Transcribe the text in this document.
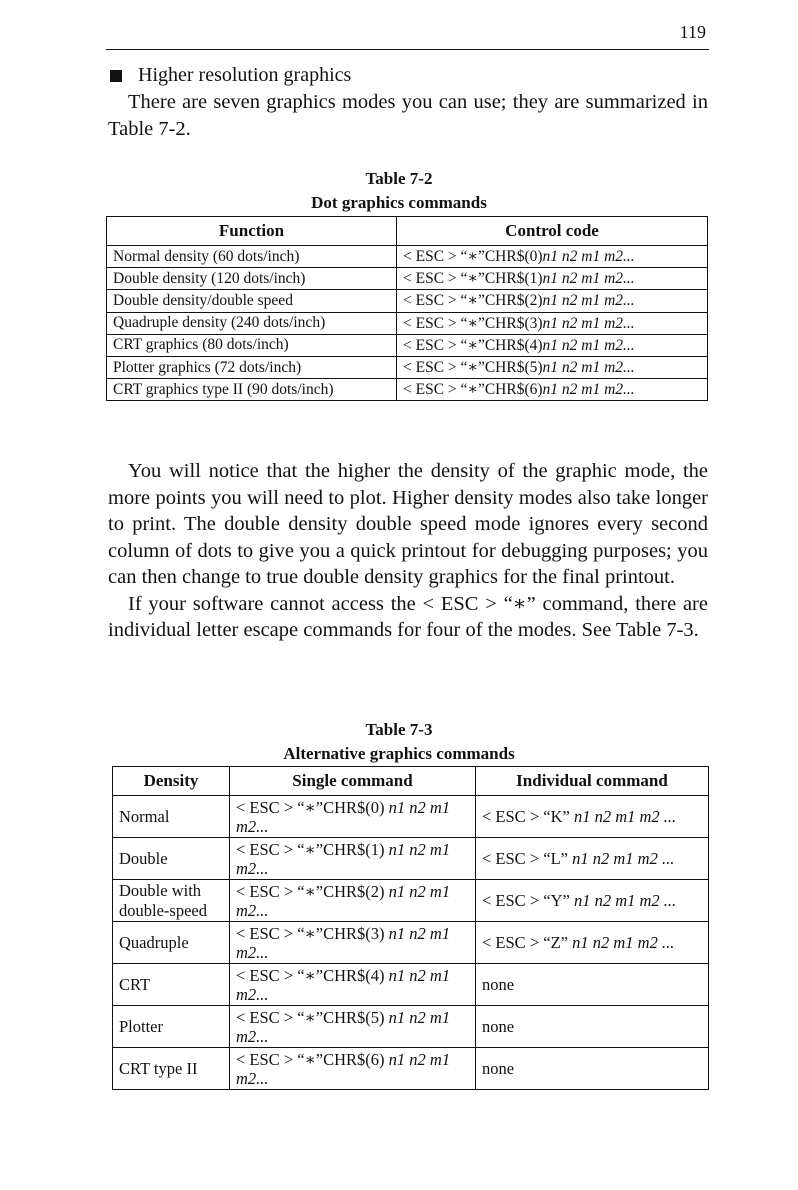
119
Higher resolution graphics

There are seven graphics modes you can use; they are summarized in Table 7-2.

Table 7-2
Dot graphics commands
Function	Control code
Normal density (60 dots/inch)	< ESC > “∗”CHR$(0)n1 n2 m1 m2...
Double density (120 dots/inch)	< ESC > “∗”CHR$(1)n1 n2 m1 m2...
Double density/double speed	< ESC > “∗”CHR$(2)n1 n2 m1 m2...
Quadruple density (240 dots/inch)	< ESC > “∗”CHR$(3)n1 n2 m1 m2...
CRT graphics (80 dots/inch)	< ESC > “∗”CHR$(4)n1 n2 m1 m2...
Plotter graphics (72 dots/inch)	< ESC > “∗”CHR$(5)n1 n2 m1 m2...
CRT graphics type II (90 dots/inch)	< ESC > “∗”CHR$(6)n1 n2 m1 m2...

You will notice that the higher the density of the graphic mode, the more points you will need to plot. Higher density modes also take longer to print. The double density double speed mode ignores every second column of dots to give you a quick printout for debugging purposes; you can then change to true double density graphics for the final printout.

If your software cannot access the < ESC > “∗” command, there are individual letter escape commands for four of the modes. See Table 7-3.

Table 7-3
Alternative graphics commands
Density	Single command	Individual command
Normal	< ESC > “∗”CHR$(0) n1 n2 m1 m2...	< ESC > “K” n1 n2 m1 m2 ...
Double	< ESC > “∗”CHR$(1) n1 n2 m1 m2...	< ESC > “L” n1 n2 m1 m2 ...
Double with double-speed	< ESC > “∗”CHR$(2) n1 n2 m1 m2...	< ESC > “Y” n1 n2 m1 m2 ...
Quadruple	< ESC > “∗”CHR$(3) n1 n2 m1 m2...	< ESC > “Z” n1 n2 m1 m2 ...
CRT	< ESC > “∗”CHR$(4) n1 n2 m1 m2...	none
Plotter	< ESC > “∗”CHR$(5) n1 n2 m1 m2...	none
CRT type II	< ESC > “∗”CHR$(6) n1 n2 m1 m2...	none
